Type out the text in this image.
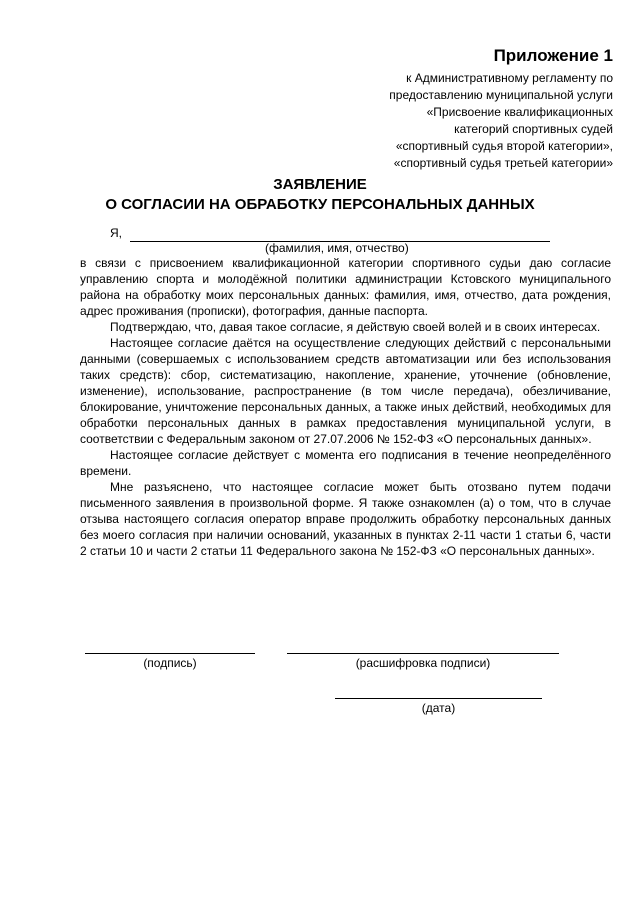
Приложение 1
к Административному регламенту по
предоставлению муниципальной услуги
«Присвоение квалификационных
категорий спортивных судей
«спортивный судья второй категории»,
«спортивный судья третьей категории»
ЗАЯВЛЕНИЕ
О СОГЛАСИИ НА ОБРАБОТКУ ПЕРСОНАЛЬНЫХ ДАННЫХ
Я,
(фамилия, имя, отчество)

в связи с присвоением квалификационной категории спортивного судьи даю согласие управлению спорта и молодёжной политики администрации Кстовского муниципального района на обработку моих персональных данных: фамилия, имя, отчество, дата рождения, адрес проживания (прописки), фотография, данные паспорта.

Подтверждаю, что, давая такое согласие, я действую своей волей и в своих интересах.

Настоящее согласие даётся на осуществление следующих действий с персональными данными (совершаемых с использованием средств автоматизации или без использования таких средств): сбор, систематизацию, накопление, хранение, уточнение (обновление, изменение), использование, распространение (в том числе передача), обезличивание, блокирование, уничтожение персональных данных, а также иных действий, необходимых для обработки персональных данных в рамках предоставления муниципальной услуги, в соответствии с Федеральным законом от 27.07.2006 № 152-ФЗ «О персональных данных».

Настоящее согласие действует с момента его подписания в течение неопределённого времени.

Мне разъяснено, что настоящее согласие может быть отозвано путем подачи письменного заявления в произвольной форме. Я также ознакомлен (а) о том, что в случае отзыва настоящего согласия оператор вправе продолжить обработку персональных данных без моего согласия при наличии оснований, указанных в пунктах 2-11 части 1 статьи 6, части 2 статьи 10 и части 2 статьи 11 Федерального закона № 152-ФЗ «О персональных данных».

(подпись)	(расшифровка подписи)
(дата)
